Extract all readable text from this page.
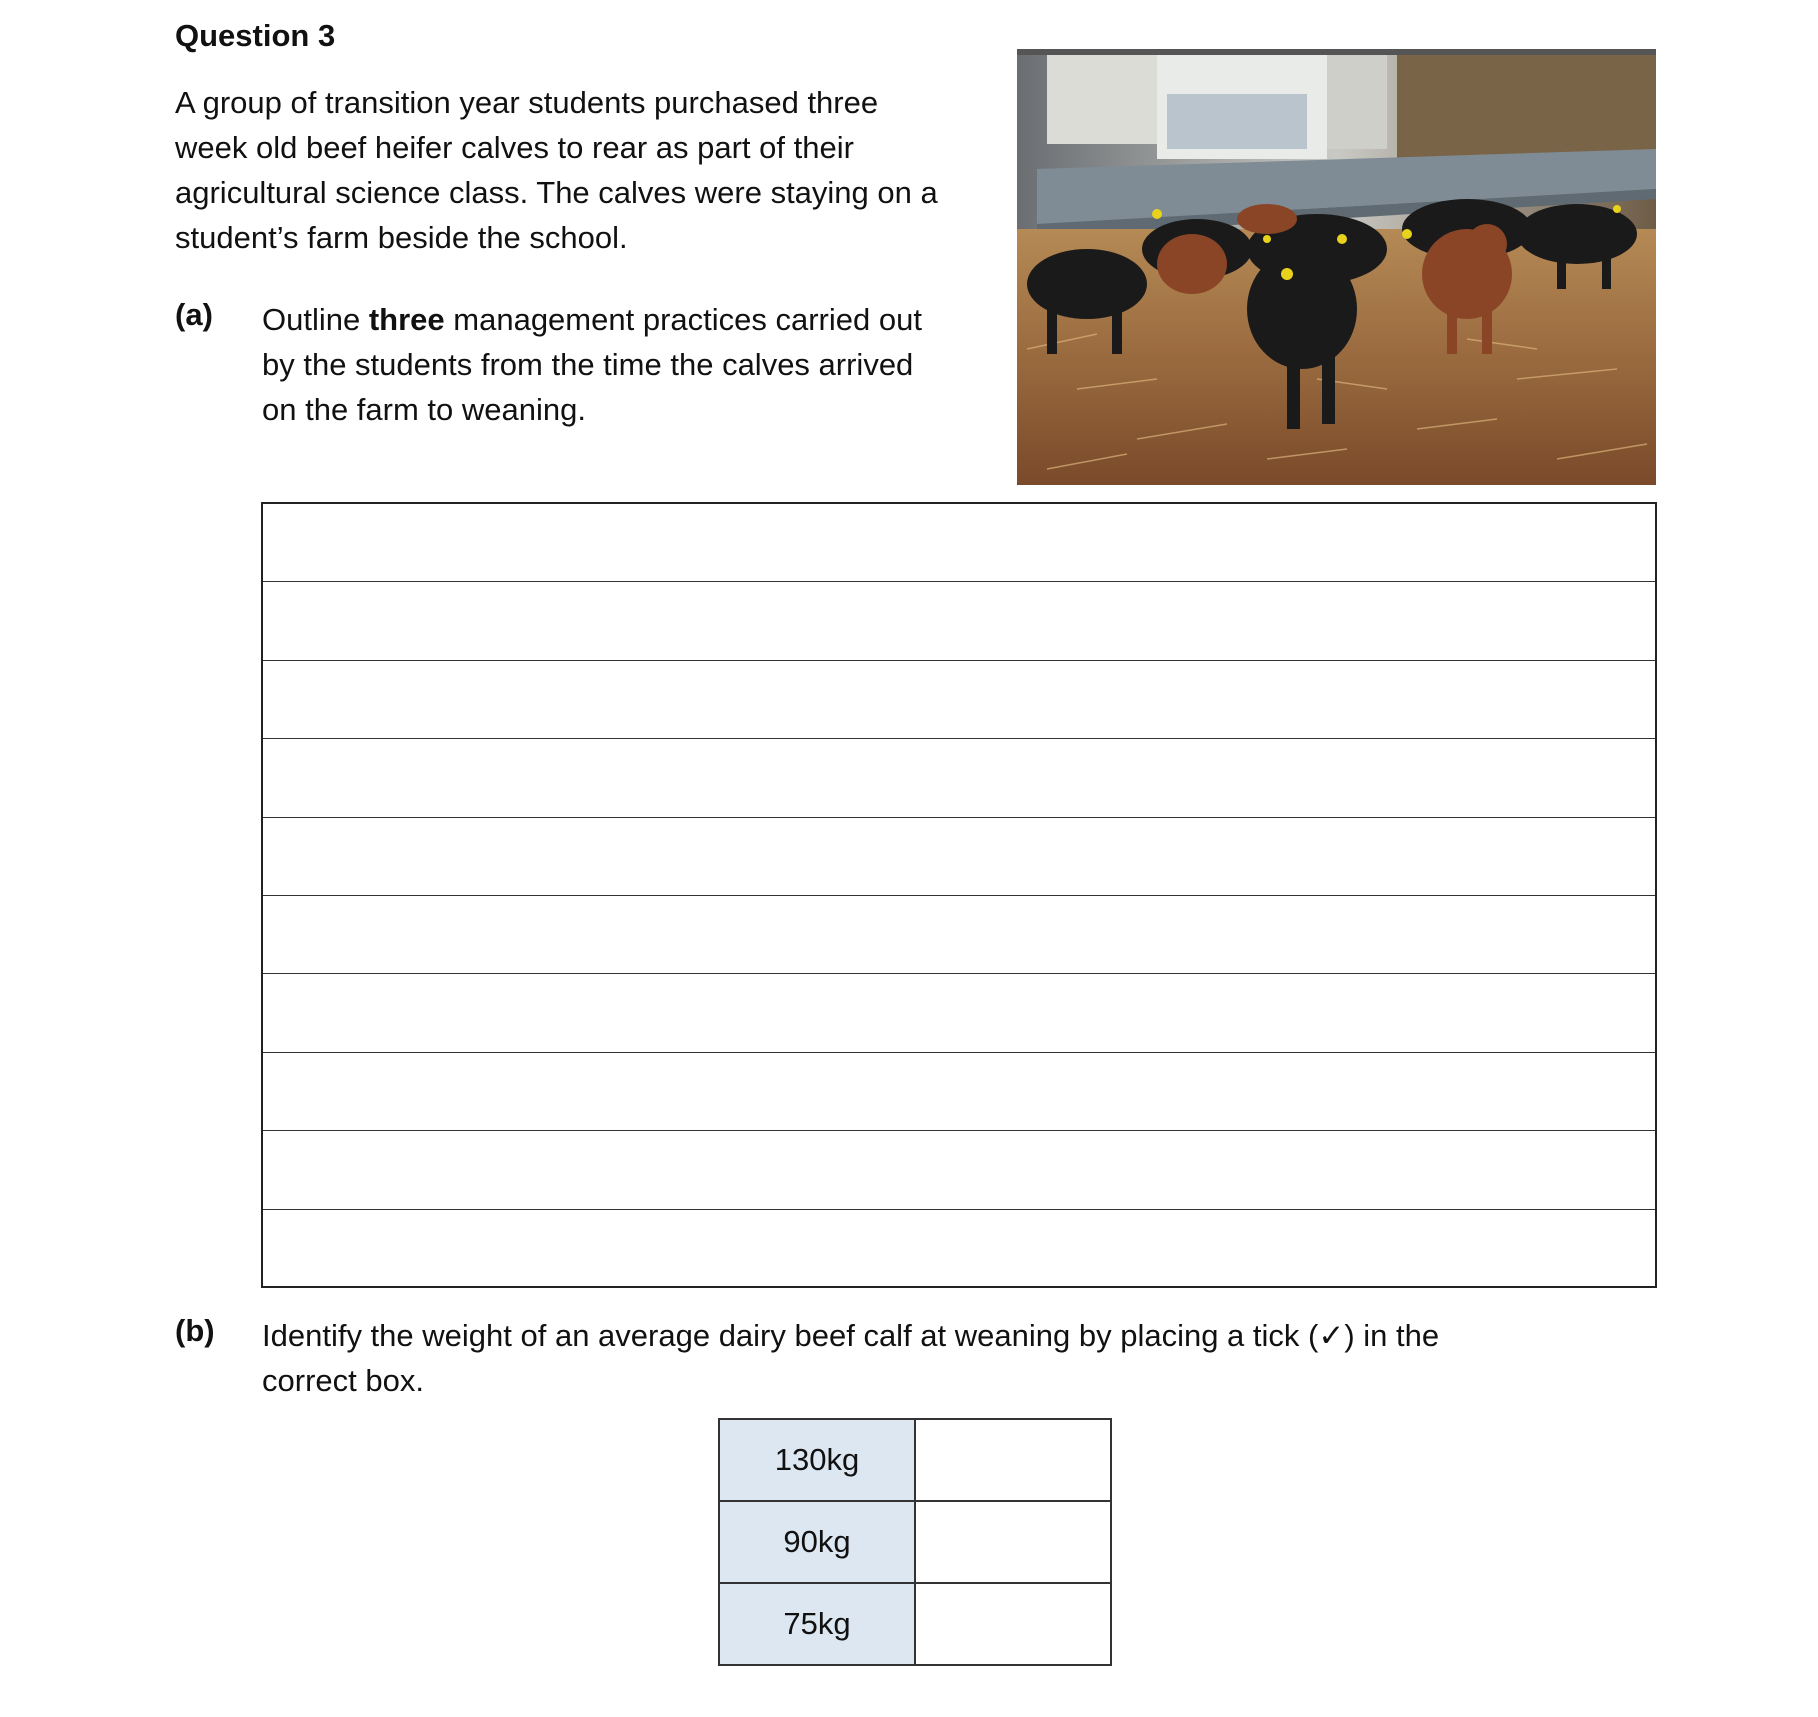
Question 3
A group of transition year students purchased three
week old beef heifer calves to rear as part of their
agricultural science class. The calves were staying on a
student’s farm beside the school.
(a) Outline three management practices carried out
by the students from the time the calves arrived
on the farm to weaning.
(b) Identify the weight of an average dairy beef calf at weaning by placing a tick (✓) in the
correct box.
130kg	
90kg	
75kg	
